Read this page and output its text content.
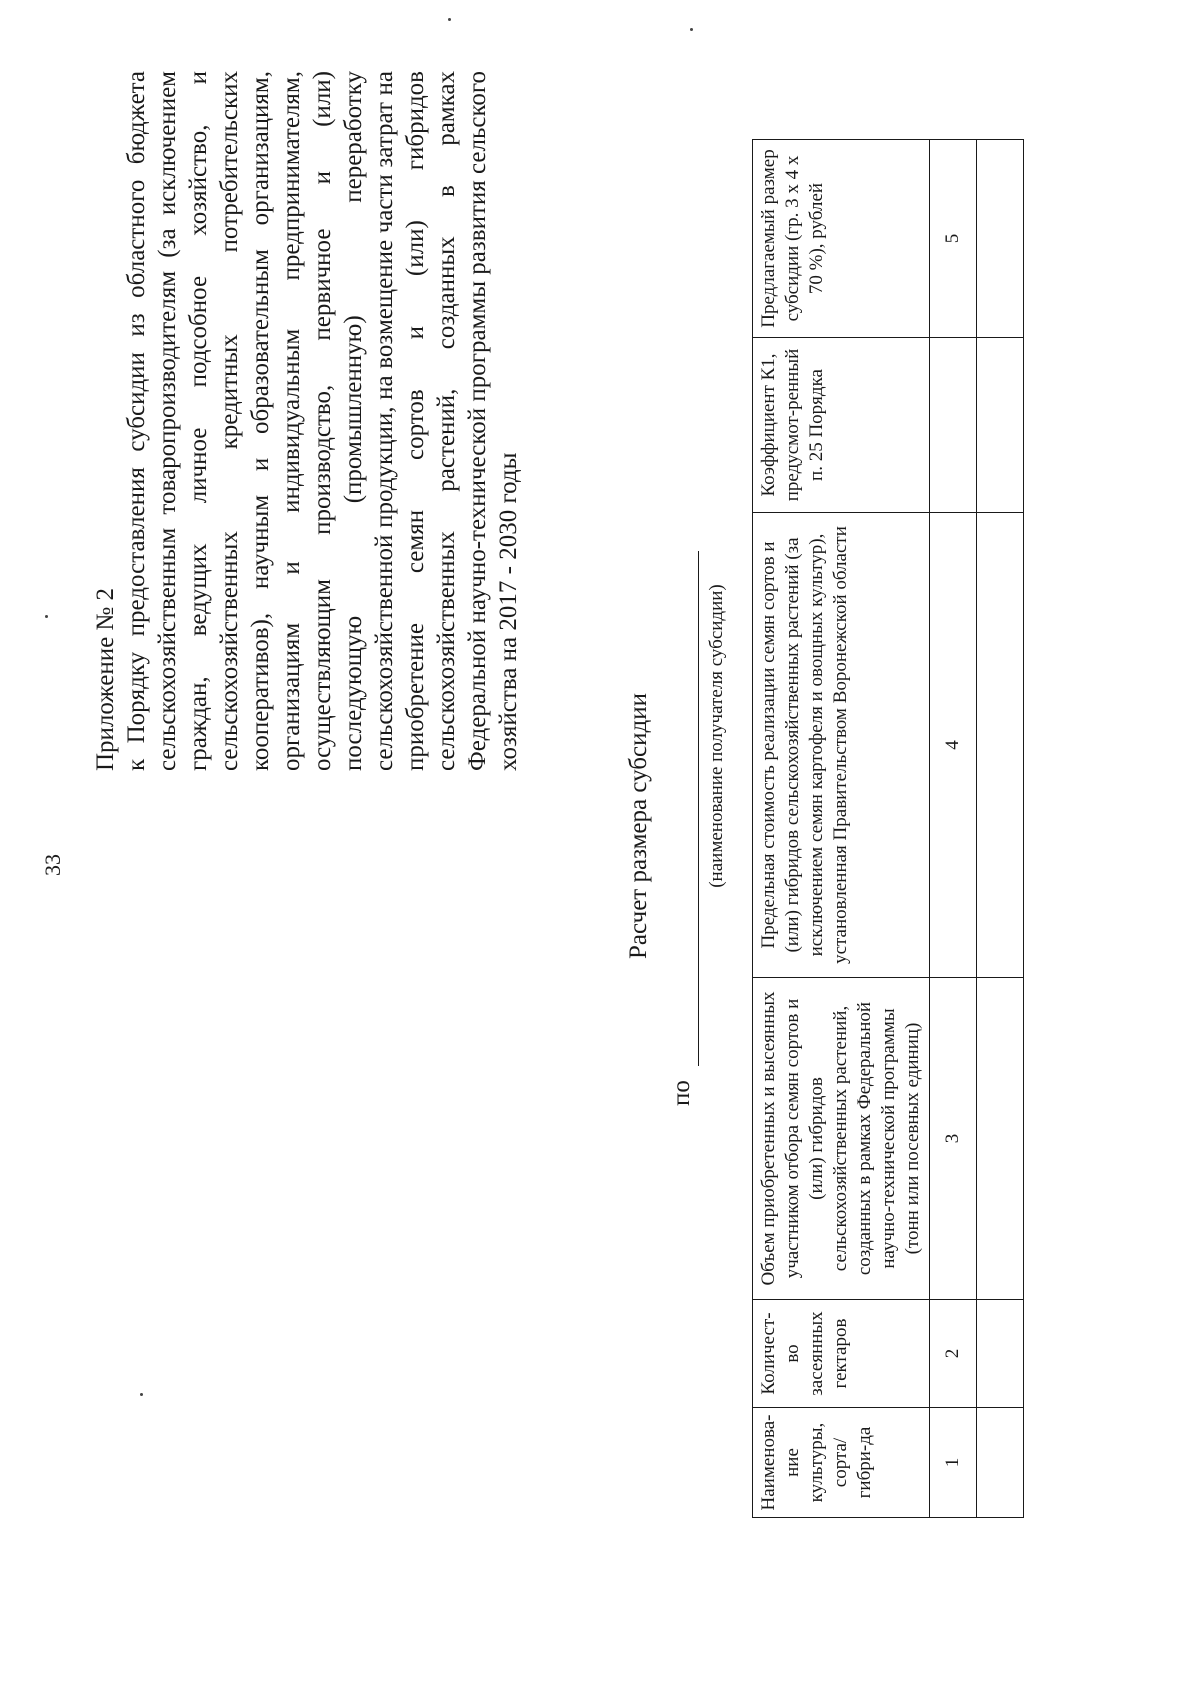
33
Приложение № 2 к Порядку предоставления субсидии из областного бюджета сельскохозяйственным товаропроизводителям (за исключением граждан, ведущих личное подсобное хозяйство, и сельскохозяйственных кредитных потребительских кооперативов), научным и образовательным организациям, организациям и индивидуальным предпринимателям, осуществляющим производство, первичное и (или) последующую (промышленную) переработку сельскохозяйственной продукции, на возмещение части затрат на приобретение семян сортов и (или) гибридов сельскохозяйственных растений, созданных в рамках Федеральной научно-технической программы развития сельского хозяйства на 2017 - 2030 годы
Расчет размера субсидии
по
(наименование получателя субсидии)
Наименова-ние культуры, сорта/гибри-да	Количест-во засеянных гектаров	Объем приобретенных и высеянных участником отбора семян сортов и (или) гибридов сельскохозяйственных растений, созданных в рамках Федеральной научно-технической программы (тонн или посевных единиц)	Предельная стоимость реализации семян сортов и (или) гибридов сельскохозяйственных растений (за исключением семян картофеля и овощных культур), установленная Правительством Воронежской области	Коэффициент К1, предусмот-ренный п. 25 Порядка	Предлагаемый размер субсидии (гр. 3 х 4 х 70 %), рублей
1	2	3	4		5
